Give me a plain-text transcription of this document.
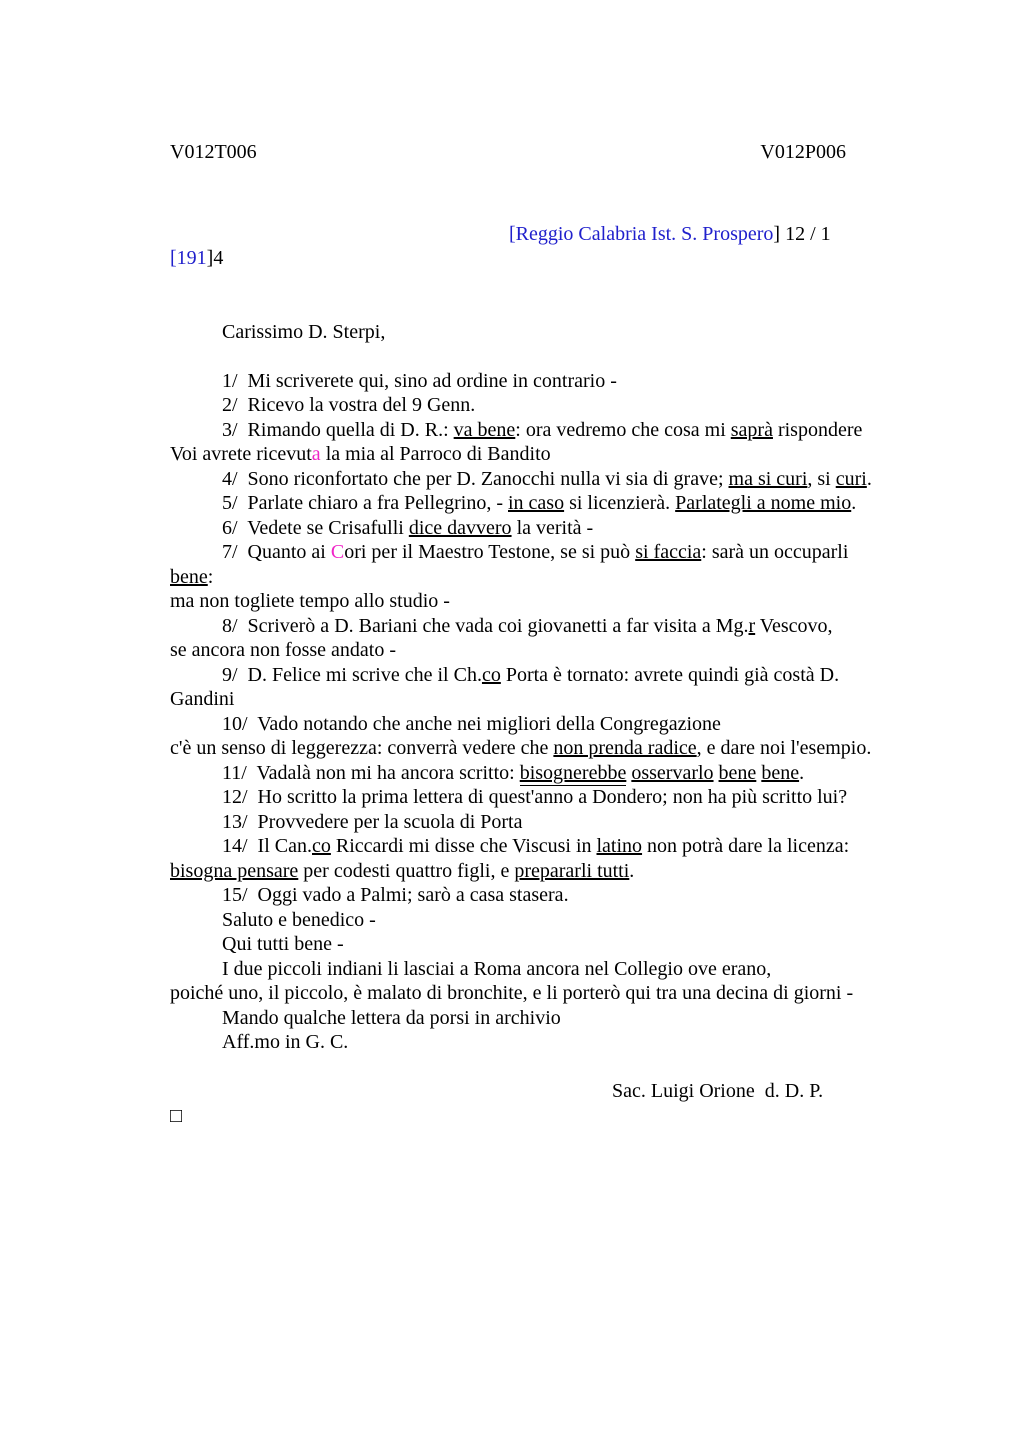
V012T006	V012P006
[Reggio Calabria Ist. S. Prospero] 12 / 1
[191]4
Carissimo D. Sterpi,
1/  Mi scriverete qui, sino ad ordine in contrario -
2/  Ricevo la vostra del 9 Genn.
3/  Rimando quella di D. R.: va bene: ora vedremo che cosa mi saprà rispondere
Voi avrete ricevuta la mia al Parroco di Bandito
4/  Sono riconfortato che per D. Zanocchi nulla vi sia di grave; ma si curi, si curi.
5/  Parlate chiaro a fra Pellegrino, - in caso si licenzierà. Parlategli a nome mio.
6/  Vedete se Crisafulli dice davvero la verità -
7/  Quanto ai Cori per il Maestro Testone, se si può si faccia: sarà un occuparli
bene:
ma non togliete tempo allo studio -
8/  Scriverò a D. Bariani che vada coi giovanetti a far visita a Mg.r Vescovo,
se ancora non fosse andato -
9/  D. Felice mi scrive che il Ch.co Porta è tornato: avrete quindi già costà D.
Gandini
10/  Vado notando che anche nei migliori della Congregazione
c'è un senso di leggerezza: converrà vedere che non prenda radice, e dare noi l'esempio.
11/  Vadalà non mi ha ancora scritto: bisognerebbe osservarlo bene bene.
12/  Ho scritto la prima lettera di quest'anno a Dondero; non ha più scritto lui?
13/  Provvedere per la scuola di Porta
14/  Il Can.co Riccardi mi disse che Viscusi in latino non potrà dare la licenza:
bisogna pensare per codesti quattro figli, e prepararli tutti.
15/  Oggi vado a Palmi; sarò a casa stasera.
Saluto e benedico -
Qui tutti bene -
I due piccoli indiani li lasciai a Roma ancora nel Collegio ove erano,
poiché uno, il piccolo, è malato di bronchite, e li porterò qui tra una decina di giorni -
Mando qualche lettera da porsi in archivio
Aff.mo in G. C.
Sac. Luigi Orione  d. D. P.
□
